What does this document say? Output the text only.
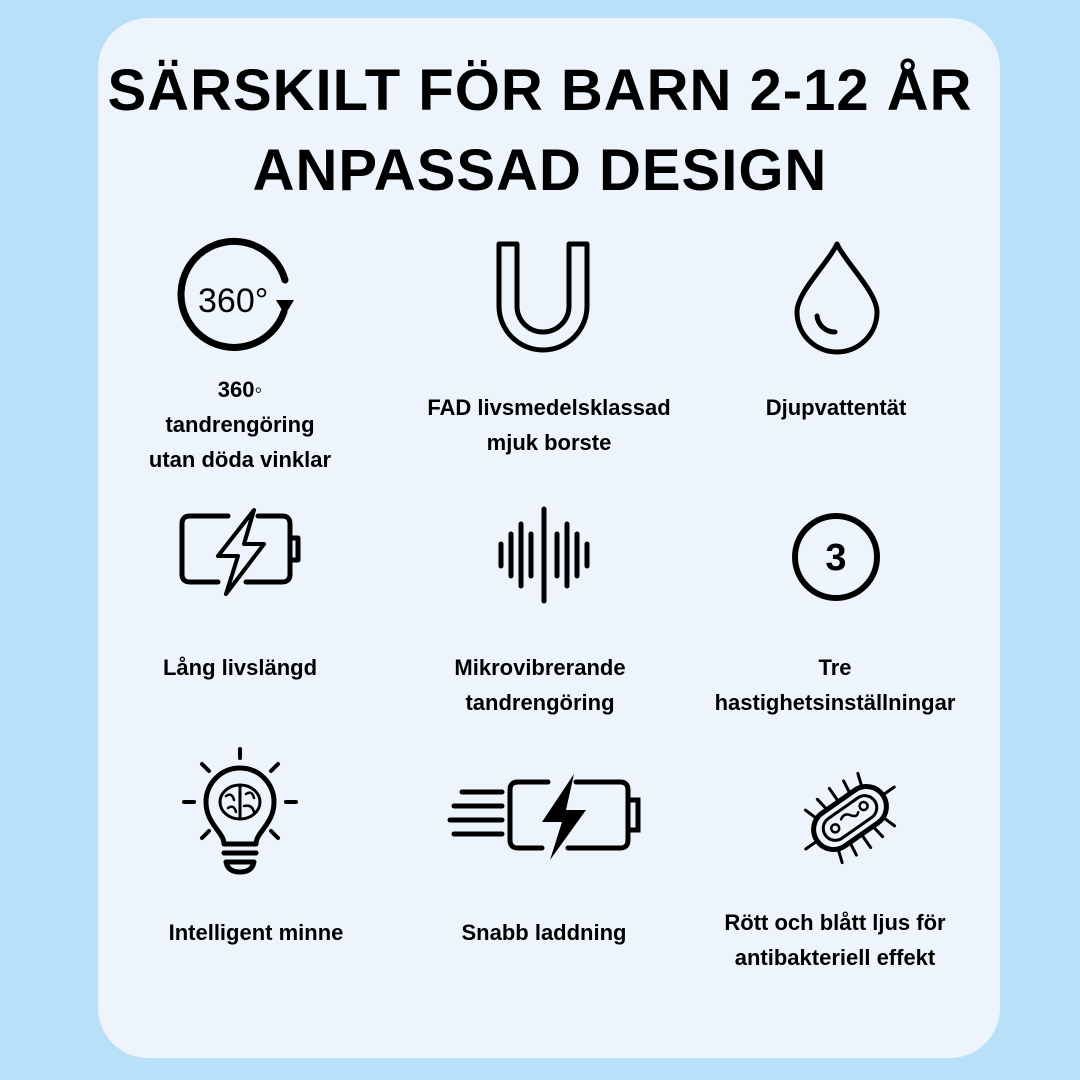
SÄRSKILT FÖR BARN 2-12 ÅR
ANPASSAD DESIGN
360°
360◦
tandrengöring
utan döda vinklar
FAD livsmedelsklassad
mjuk borste
Djupvattentät
Lång livslängd	Mikrovibrerande
tandrengöring
3
Tre
hastighetsinställningar
Intelligent minne	Snabb laddning	Rött och blått ljus för
antibakteriell effekt
